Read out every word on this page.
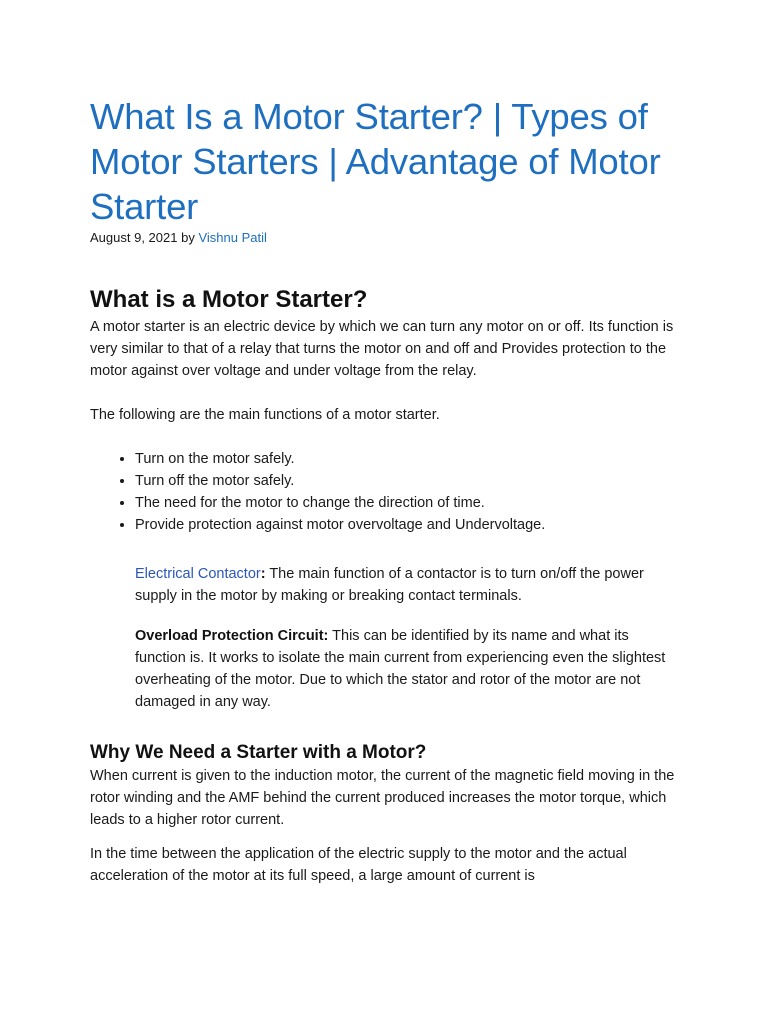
What Is a Motor Starter? | Types of Motor Starters | Advantage of Motor Starter
August 9, 2021 by Vishnu Patil
What is a Motor Starter?

A motor starter is an electric device by which we can turn any motor on or off. Its function is very similar to that of a relay that turns the motor on and off and Provides protection to the motor against over voltage and under voltage from the relay.

The following are the main functions of a motor starter.

• Turn on the motor safely.
• Turn off the motor safely.
• The need for the motor to change the direction of time.
• Provide protection against motor overvoltage and Undervoltage.

Electrical Contactor: The main function of a contactor is to turn on/off the power supply in the motor by making or breaking contact terminals.

Overload Protection Circuit: This can be identified by its name and what its function is. It works to isolate the main current from experiencing even the slightest overheating of the motor. Due to which the stator and rotor of the motor are not damaged in any way.

Why We Need a Starter with a Motor?

When current is given to the induction motor, the current of the magnetic field moving in the rotor winding and the AMF behind the current produced increases the motor torque, which leads to a higher rotor current.

In the time between the application of the electric supply to the motor and the actual acceleration of the motor at its full speed, a large amount of current is
